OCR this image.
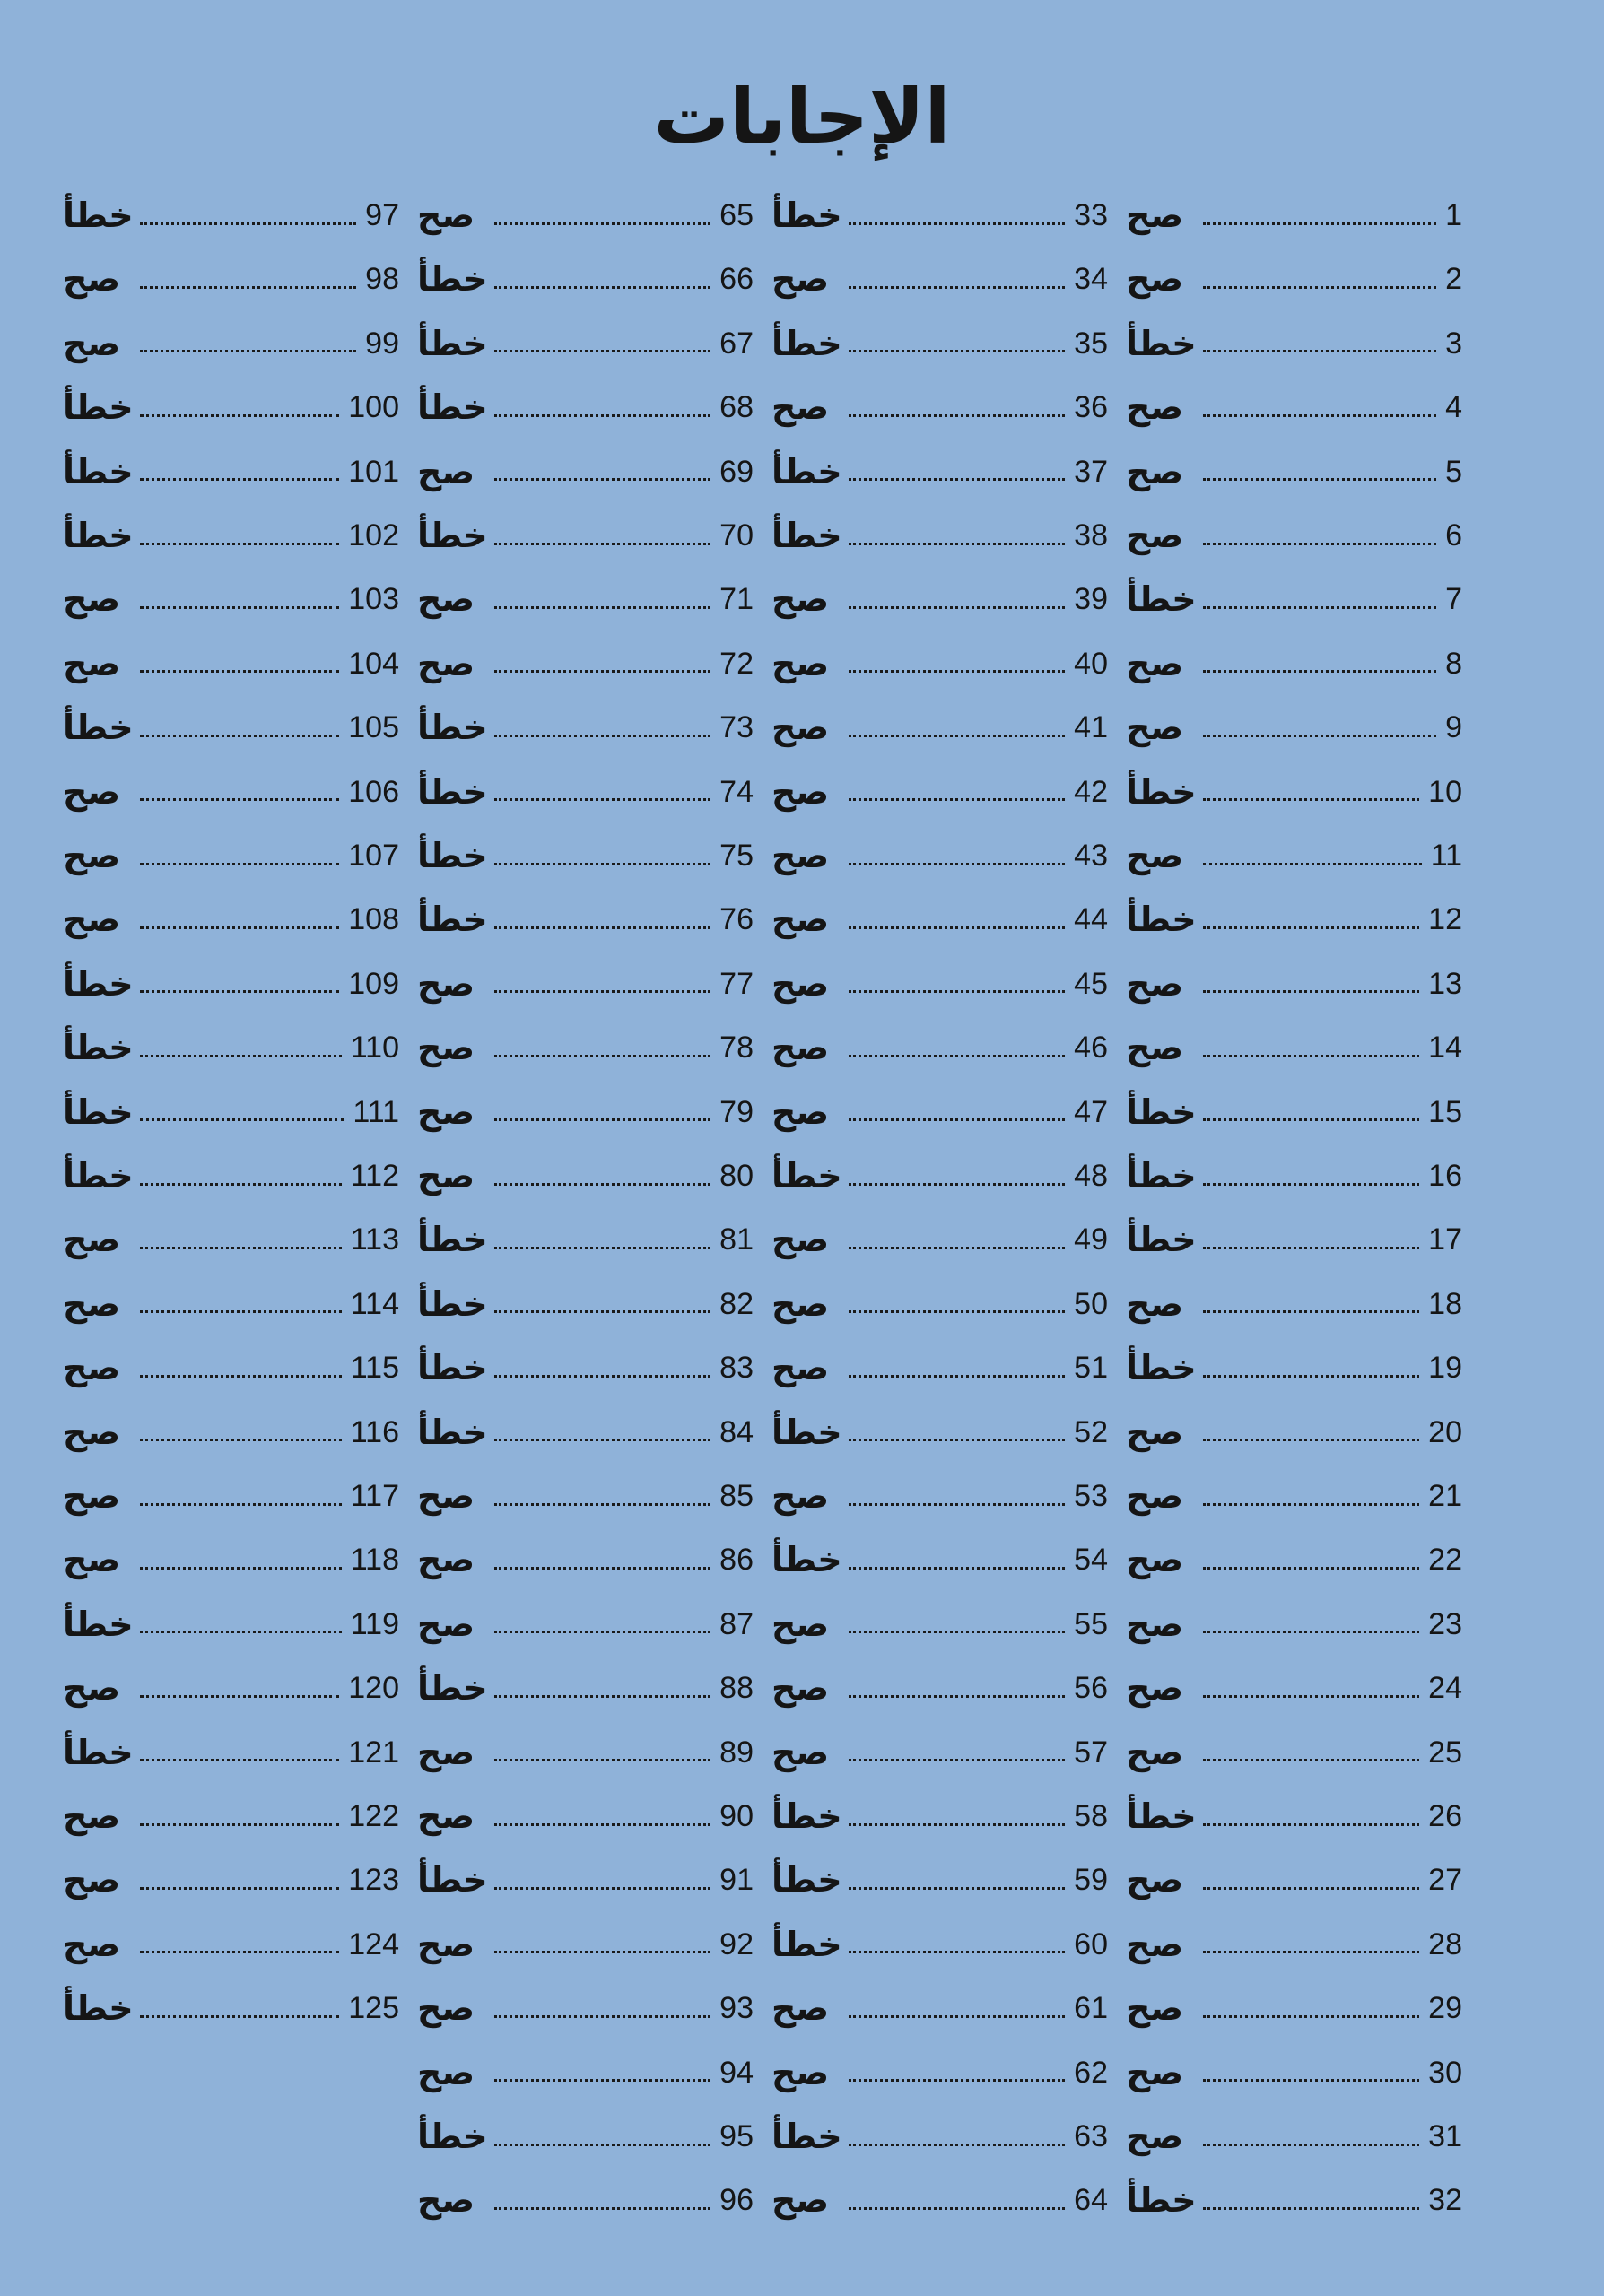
الإجابات
1
صح
2
صح
3
خطأ
4
صح
5
صح
6
صح
7
خطأ
8
صح
9
صح
10
خطأ
11
صح
12
خطأ
13
صح
14
صح
15
خطأ
16
خطأ
17
خطأ
18
صح
19
خطأ
20
صح
21
صح
22
صح
23
صح
24
صح
25
صح
26
خطأ
27
صح
28
صح
29
صح
30
صح
31
صح
32
خطأ
33
خطأ
34
صح
35
خطأ
36
صح
37
خطأ
38
خطأ
39
صح
40
صح
41
صح
42
صح
43
صح
44
صح
45
صح
46
صح
47
صح
48
خطأ
49
صح
50
صح
51
صح
52
خطأ
53
صح
54
خطأ
55
صح
56
صح
57
صح
58
خطأ
59
خطأ
60
خطأ
61
صح
62
صح
63
خطأ
64
صح
65
صح
66
خطأ
67
خطأ
68
خطأ
69
صح
70
خطأ
71
صح
72
صح
73
خطأ
74
خطأ
75
خطأ
76
خطأ
77
صح
78
صح
79
صح
80
صح
81
خطأ
82
خطأ
83
خطأ
84
خطأ
85
صح
86
صح
87
صح
88
خطأ
89
صح
90
صح
91
خطأ
92
صح
93
صح
94
صح
95
خطأ
96
صح
97
خطأ
98
صح
99
صح
100
خطأ
101
خطأ
102
خطأ
103
صح
104
صح
105
خطأ
106
صح
107
صح
108
صح
109
خطأ
110
خطأ
111
خطأ
112
خطأ
113
صح
114
صح
115
صح
116
صح
117
صح
118
صح
119
خطأ
120
صح
121
خطأ
122
صح
123
صح
124
صح
125
خطأ
